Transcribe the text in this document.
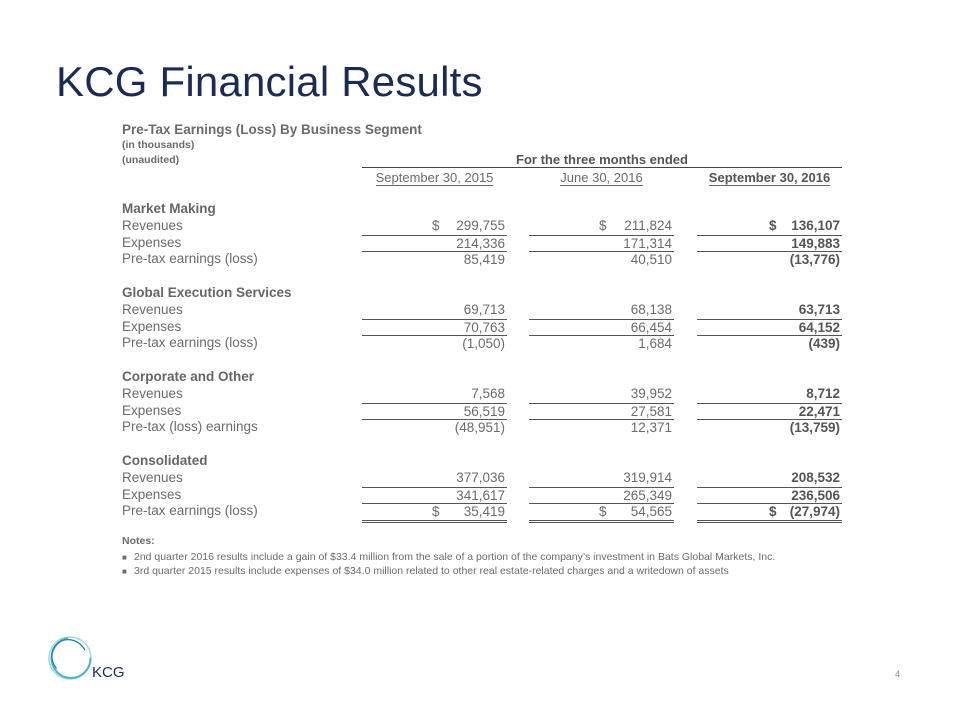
KCG Financial Results
Pre-Tax Earnings (Loss) By Business Segment
(in thousands)
(unaudited)	For the three months ended
September 30, 2015	June 30, 2016	September 30, 2016
Market Making
Revenues	$ 299,755	$ 211,824	$ 136,107
Expenses	214,336	171,314	149,883
Pre-tax earnings (loss)	85,419	40,510	(13,776)
Global Execution Services
Revenues	69,713	68,138	63,713
Expenses	70,763	66,454	64,152
Pre-tax earnings (loss)	(1,050)	1,684	(439)
Corporate and Other
Revenues	7,568	39,952	8,712
Expenses	56,519	27,581	22,471
Pre-tax (loss) earnings	(48,951)	12,371	(13,759)
Consolidated
Revenues	377,036	319,914	208,532
Expenses	341,617	265,349	236,506
Pre-tax earnings (loss)	$ 35,419	$ 54,565	$ (27,974)
Notes:
■ 2nd quarter 2016 results include a gain of $33.4 million from the sale of a portion of the company’s investment in Bats Global Markets, Inc.
■ 3rd quarter 2015 results include expenses of $34.0 million related to other real estate-related charges and a writedown of assets
KCG	4
